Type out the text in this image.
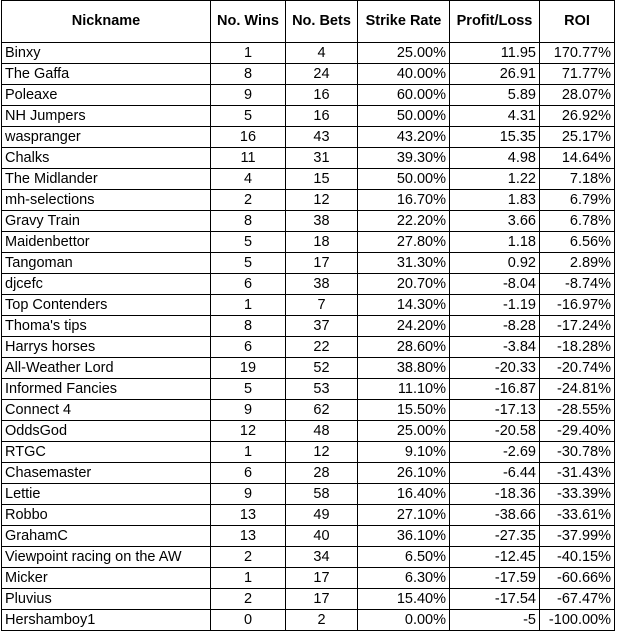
Nickname	No. Wins	No. Bets	Strike Rate	Profit/Loss	ROI
Binxy	1	4	25.00%	11.95	170.77%
The Gaffa	8	24	40.00%	26.91	71.77%
Poleaxe	9	16	60.00%	5.89	28.07%
NH Jumpers	5	16	50.00%	4.31	26.92%
waspranger	16	43	43.20%	15.35	25.17%
Chalks	11	31	39.30%	4.98	14.64%
The Midlander	4	15	50.00%	1.22	7.18%
mh-selections	2	12	16.70%	1.83	6.79%
Gravy Train	8	38	22.20%	3.66	6.78%
Maidenbettor	5	18	27.80%	1.18	6.56%
Tangoman	5	17	31.30%	0.92	2.89%
djcefc	6	38	20.70%	-8.04	-8.74%
Top Contenders	1	7	14.30%	-1.19	-16.97%
Thoma's tips	8	37	24.20%	-8.28	-17.24%
Harrys horses	6	22	28.60%	-3.84	-18.28%
All-Weather Lord	19	52	38.80%	-20.33	-20.74%
Informed Fancies	5	53	11.10%	-16.87	-24.81%
Connect 4	9	62	15.50%	-17.13	-28.55%
OddsGod	12	48	25.00%	-20.58	-29.40%
RTGC	1	12	9.10%	-2.69	-30.78%
Chasemaster	6	28	26.10%	-6.44	-31.43%
Lettie	9	58	16.40%	-18.36	-33.39%
Robbo	13	49	27.10%	-38.66	-33.61%
GrahamC	13	40	36.10%	-27.35	-37.99%
Viewpoint racing on the AW	2	34	6.50%	-12.45	-40.15%
Micker	1	17	6.30%	-17.59	-60.66%
Pluvius	2	17	15.40%	-17.54	-67.47%
Hershamboy1	0	2	0.00%	-5	-100.00%
